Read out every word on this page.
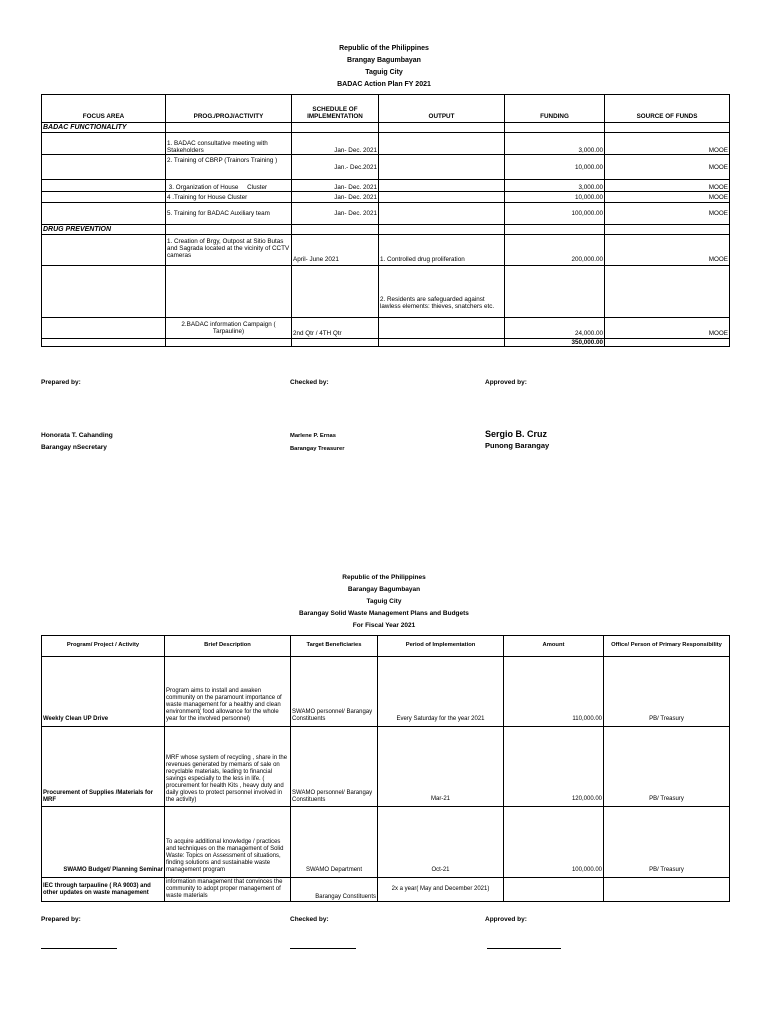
Republic of the Philippines
Brangay Bagumbayan
Taguig City
BADAC Action Plan FY 2021
FOCUS AREA	PROG./PROJ/ACTIVITY	SCHEDULE OF IMPLEMENTATION	OUTPUT	FUNDING	SOURCE OF FUNDS
BADAC FUNCTIONALITY					
	1. BADAC consultative meeting with Stakeholders	Jan- Dec. 2021		3,000.00	MOOE
	2. Training of CBRP (Trainors Training )	Jan.- Dec.2021		10,000.00	MOOE
	3. Organization of House     Cluster	Jan- Dec. 2021		3,000.00	MOOE
	4 .Training for House Cluster	Jan- Dec. 2021		10,000.00	MOOE
	5. Training for BADAC Auxiliary team	Jan- Dec. 2021		100,000.00	MOOE
DRUG PREVENTION					
	1. Creation of Brgy, Outpost at Sitio Butas and Sagrada located at the vicinity of CCTV cameras	April- June 2021	1. Controlled drug proliferation	200,000.00	MOOE
			2. Residents are safeguarded against lawless elements: thieves, snatchers etc.		
	2.BADAC information Campaign ( Tarpauline)	2nd Qtr / 4TH Qtr		24,000.00	MOOE
				350,000.00	
Prepared by:	Checked by:	Approved by:
Honorata T. Cahanding
Barangay nSecretary
Marlene P. Ernas
Barangay Treasurer
Sergio B. Cruz
Punong Barangay
Republic of the Philippines
Barangay Bagumbayan
Taguig City
Barangay Solid Waste Management Plans and Budgets
For Fiscal Year 2021
Program/ Project / Activity	Brief Description	Target Beneficiaries	Period of Implementation	Amount	Office/ Person of Primary Responsibility
Weekly Clean UP Drive	Program aims to install and awaken community on the paramount importance of waste management for a healthy and clean environment( food allowance for the whole year for the involved personnel)	SWAMO personnel/ Barangay Constituents	Every Saturday for the year 2021	110,000.00	PB/ Treasury
Procurement of Supplies /Materials for MRF	MRF whose system of recycling , share in the revenues generated by memans of sale on recyclable materials, leading to financial savings especially to the less in life. ( procurement for health Kits , heavy duty and daily gloves to protect personnel involved in the activity)	SWAMO personnel/ Barangay Constituents	Mar-21	120,000.00	PB/ Treasury
SWAMO Budget/ Planning Seminar	To acquire additional knowledge / practices and techniques on the management of Solid Waste: Topics on Assessment of situations, finding solutions and sustainable waste management program	SWAMO Department	Oct-21	100,000.00	PB/ Treasury
IEC through tarpauline ( RA 9003) and other updates on waste management	information management that convinces the community to adopt proper management of waste materials	Barangay Constituents	2x a year( May and December 2021)		
Prepared by:	Checked by:	Approved by:
